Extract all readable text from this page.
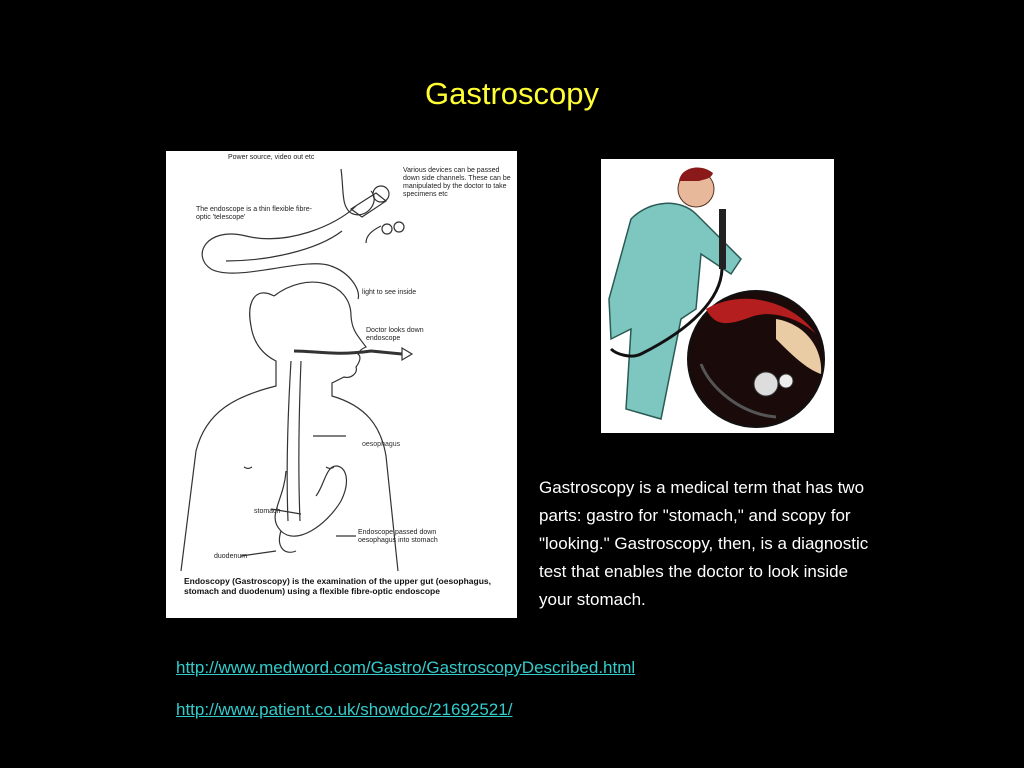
Gastroscopy
oesophagus
Power source, video out etc
Various devices can be passed down side channels. These can be manipulated by the doctor to take specimens etc
The endoscope is a thin flexible fibre-optic 'telescope'
light to see inside
Doctor looks down endoscope
stomach
Endoscope passed down oesophagus into stomach
duodenum
Endoscopy (Gastroscopy) is the examination of the upper gut (oesophagus, stomach and duodenum) using a flexible fibre-optic endoscope
Gastroscopy is a medical term that has two parts: gastro for "stomach," and scopy for "looking." Gastroscopy, then, is a diagnostic test that enables the doctor to look inside your stomach.
http://www.medword.com/Gastro/GastroscopyDescribed.html
http://www.patient.co.uk/showdoc/21692521/
